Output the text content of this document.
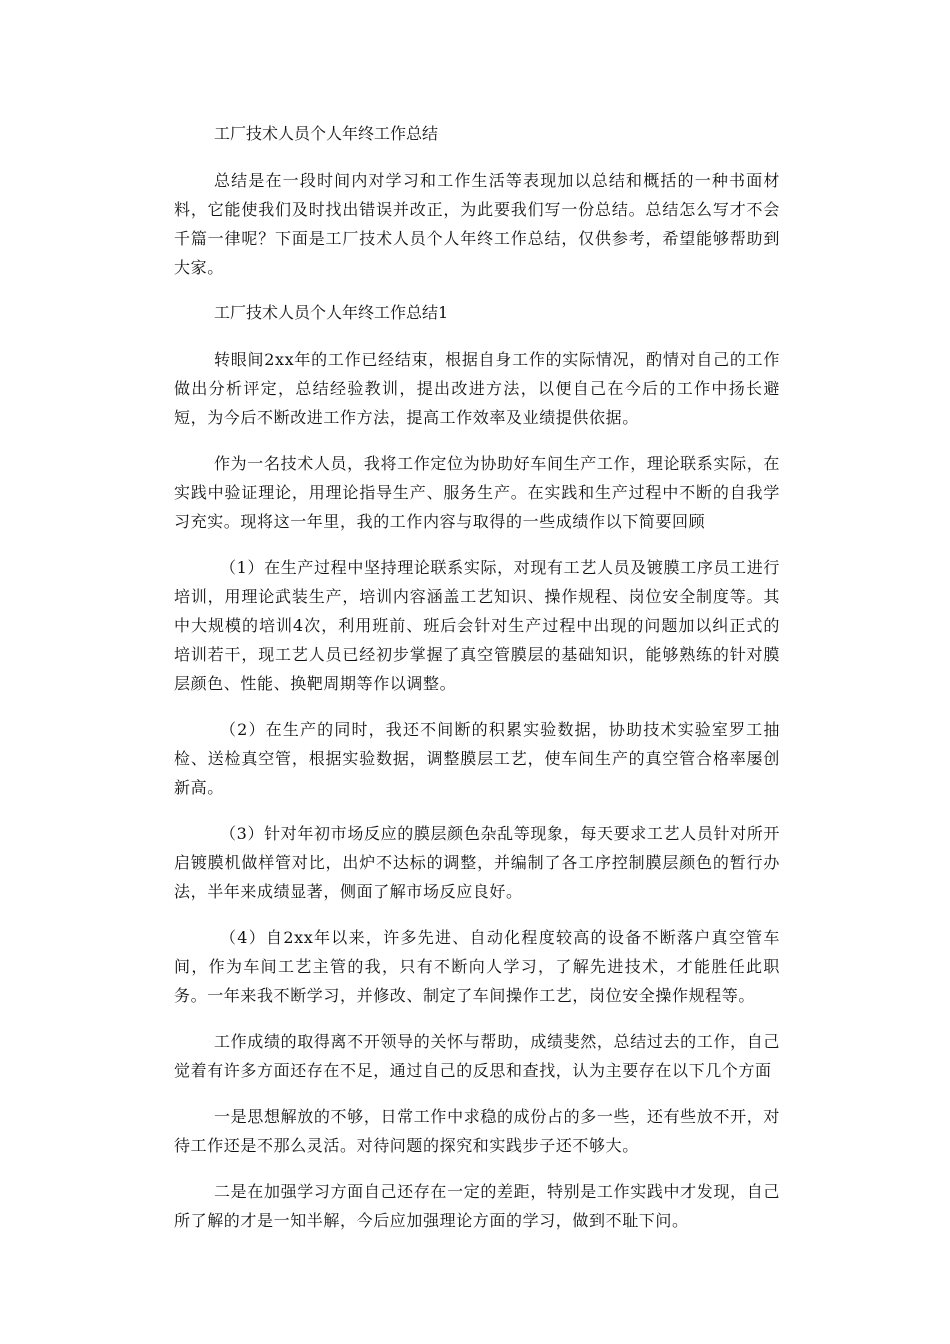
工厂技术人员个人年终工作总结
总结是在一段时间内对学习和工作生活等表现加以总结和概括的一种书面材料，它能使我们及时找出错误并改正，为此要我们写一份总结。总结怎么写才不会千篇一律呢？下面是工厂技术人员个人年终工作总结，仅供参考，希望能够帮助到大家。
工厂技术人员个人年终工作总结1
转眼间2xx年的工作已经结束，根据自身工作的实际情况，酌情对自己的工作做出分析评定，总结经验教训，提出改进方法，以便自己在今后的工作中扬长避短，为今后不断改进工作方法，提高工作效率及业绩提供依据。
作为一名技术人员，我将工作定位为协助好车间生产工作，理论联系实际，在实践中验证理论，用理论指导生产、服务生产。在实践和生产过程中不断的自我学习充实。现将这一年里，我的工作内容与取得的一些成绩作以下简要回顾
（1）在生产过程中坚持理论联系实际，对现有工艺人员及镀膜工序员工进行培训，用理论武装生产，培训内容涵盖工艺知识、操作规程、岗位安全制度等。其中大规模的培训4次，利用班前、班后会针对生产过程中出现的问题加以纠正式的培训若干，现工艺人员已经初步掌握了真空管膜层的基础知识，能够熟练的针对膜层颜色、性能、换靶周期等作以调整。
（2）在生产的同时，我还不间断的积累实验数据，协助技术实验室罗工抽检、送检真空管，根据实验数据，调整膜层工艺，使车间生产的真空管合格率屡创新高。
（3）针对年初市场反应的膜层颜色杂乱等现象，每天要求工艺人员针对所开启镀膜机做样管对比，出炉不达标的调整，并编制了各工序控制膜层颜色的暂行办法，半年来成绩显著，侧面了解市场反应良好。
（4）自2xx年以来，许多先进、自动化程度较高的设备不断落户真空管车间，作为车间工艺主管的我，只有不断向人学习，了解先进技术，才能胜任此职务。一年来我不断学习，并修改、制定了车间操作工艺，岗位安全操作规程等。
工作成绩的取得离不开领导的关怀与帮助，成绩斐然，总结过去的工作，自己觉着有许多方面还存在不足，通过自己的反思和查找，认为主要存在以下几个方面
一是思想解放的不够，日常工作中求稳的成份占的多一些，还有些放不开，对待工作还是不那么灵活。对待问题的探究和实践步子还不够大。
二是在加强学习方面自己还存在一定的差距，特别是工作实践中才发现，自己所了解的才是一知半解，今后应加强理论方面的学习，做到不耻下问。
